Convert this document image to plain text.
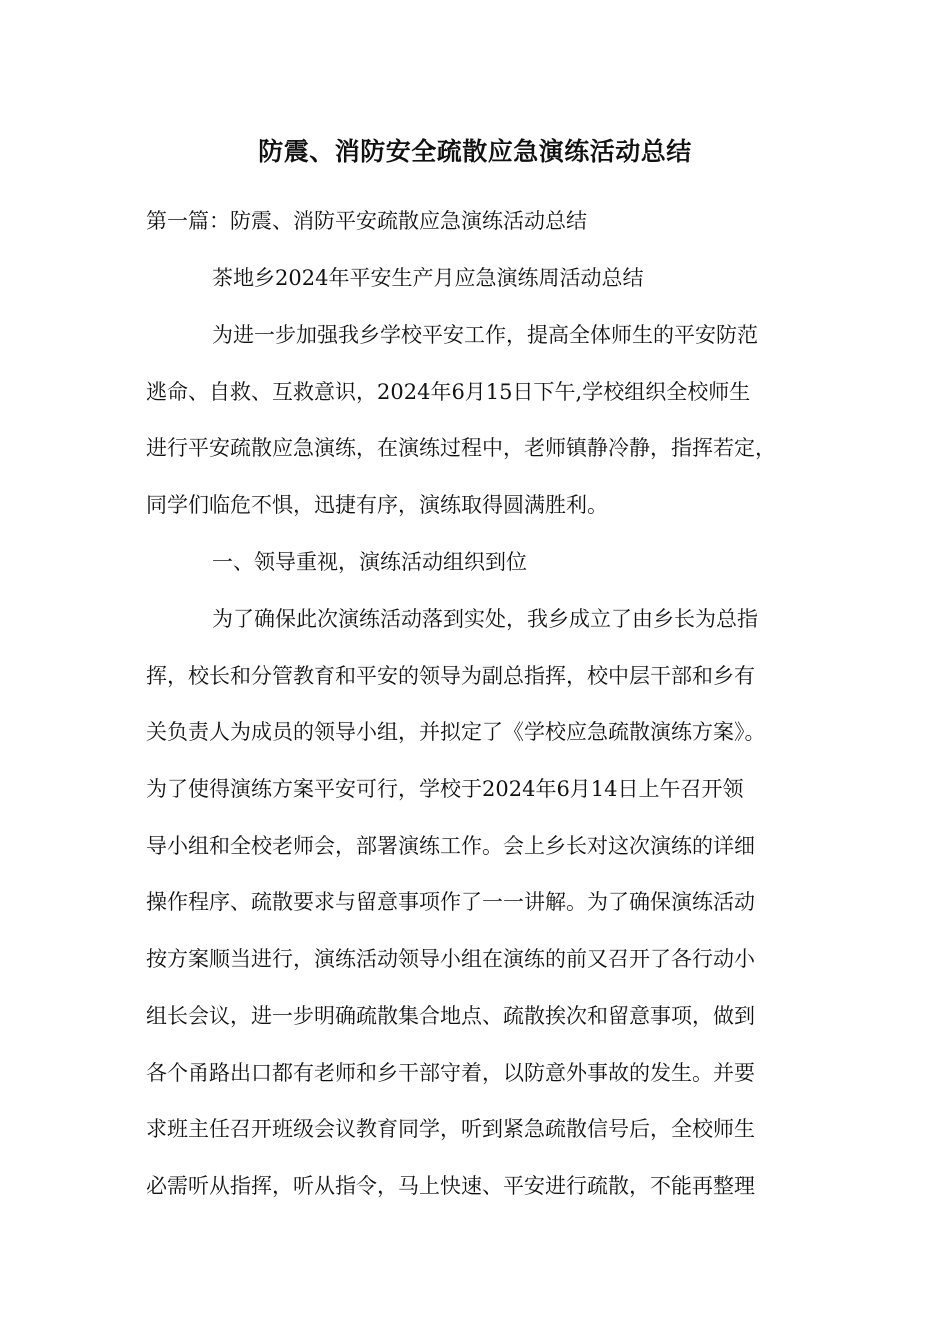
防震、消防安全疏散应急演练活动总结

第一篇：防震、消防平安疏散应急演练活动总结

茶地乡2024年平安生产月应急演练周活动总结

为进一步加强我乡学校平安工作，提高全体师生的平安防范
逃命、自救、互救意识，2024年6月15日下午,学校组织全校师生
进行平安疏散应急演练，在演练过程中，老师镇静冷静，指挥若定，
同学们临危不惧，迅捷有序，演练取得圆满胜利。

一、领导重视，演练活动组织到位

为了确保此次演练活动落到实处，我乡成立了由乡长为总指
挥，校长和分管教育和平安的领导为副总指挥，校中层干部和乡有
关负责人为成员的领导小组，并拟定了《学校应急疏散演练方案》。
为了使得演练方案平安可行，学校于2024年6月14日上午召开领
导小组和全校老师会，部署演练工作。会上乡长对这次演练的详细
操作程序、疏散要求与留意事项作了一一讲解。为了确保演练活动
按方案顺当进行，演练活动领导小组在演练的前又召开了各行动小
组长会议，进一步明确疏散集合地点、疏散挨次和留意事项，做到
各个甬路出口都有老师和乡干部守着，以防意外事故的发生。并要
求班主任召开班级会议教育同学，听到紧急疏散信号后，全校师生
必需听从指挥，听从指令，马上快速、平安进行疏散，不能再整理
